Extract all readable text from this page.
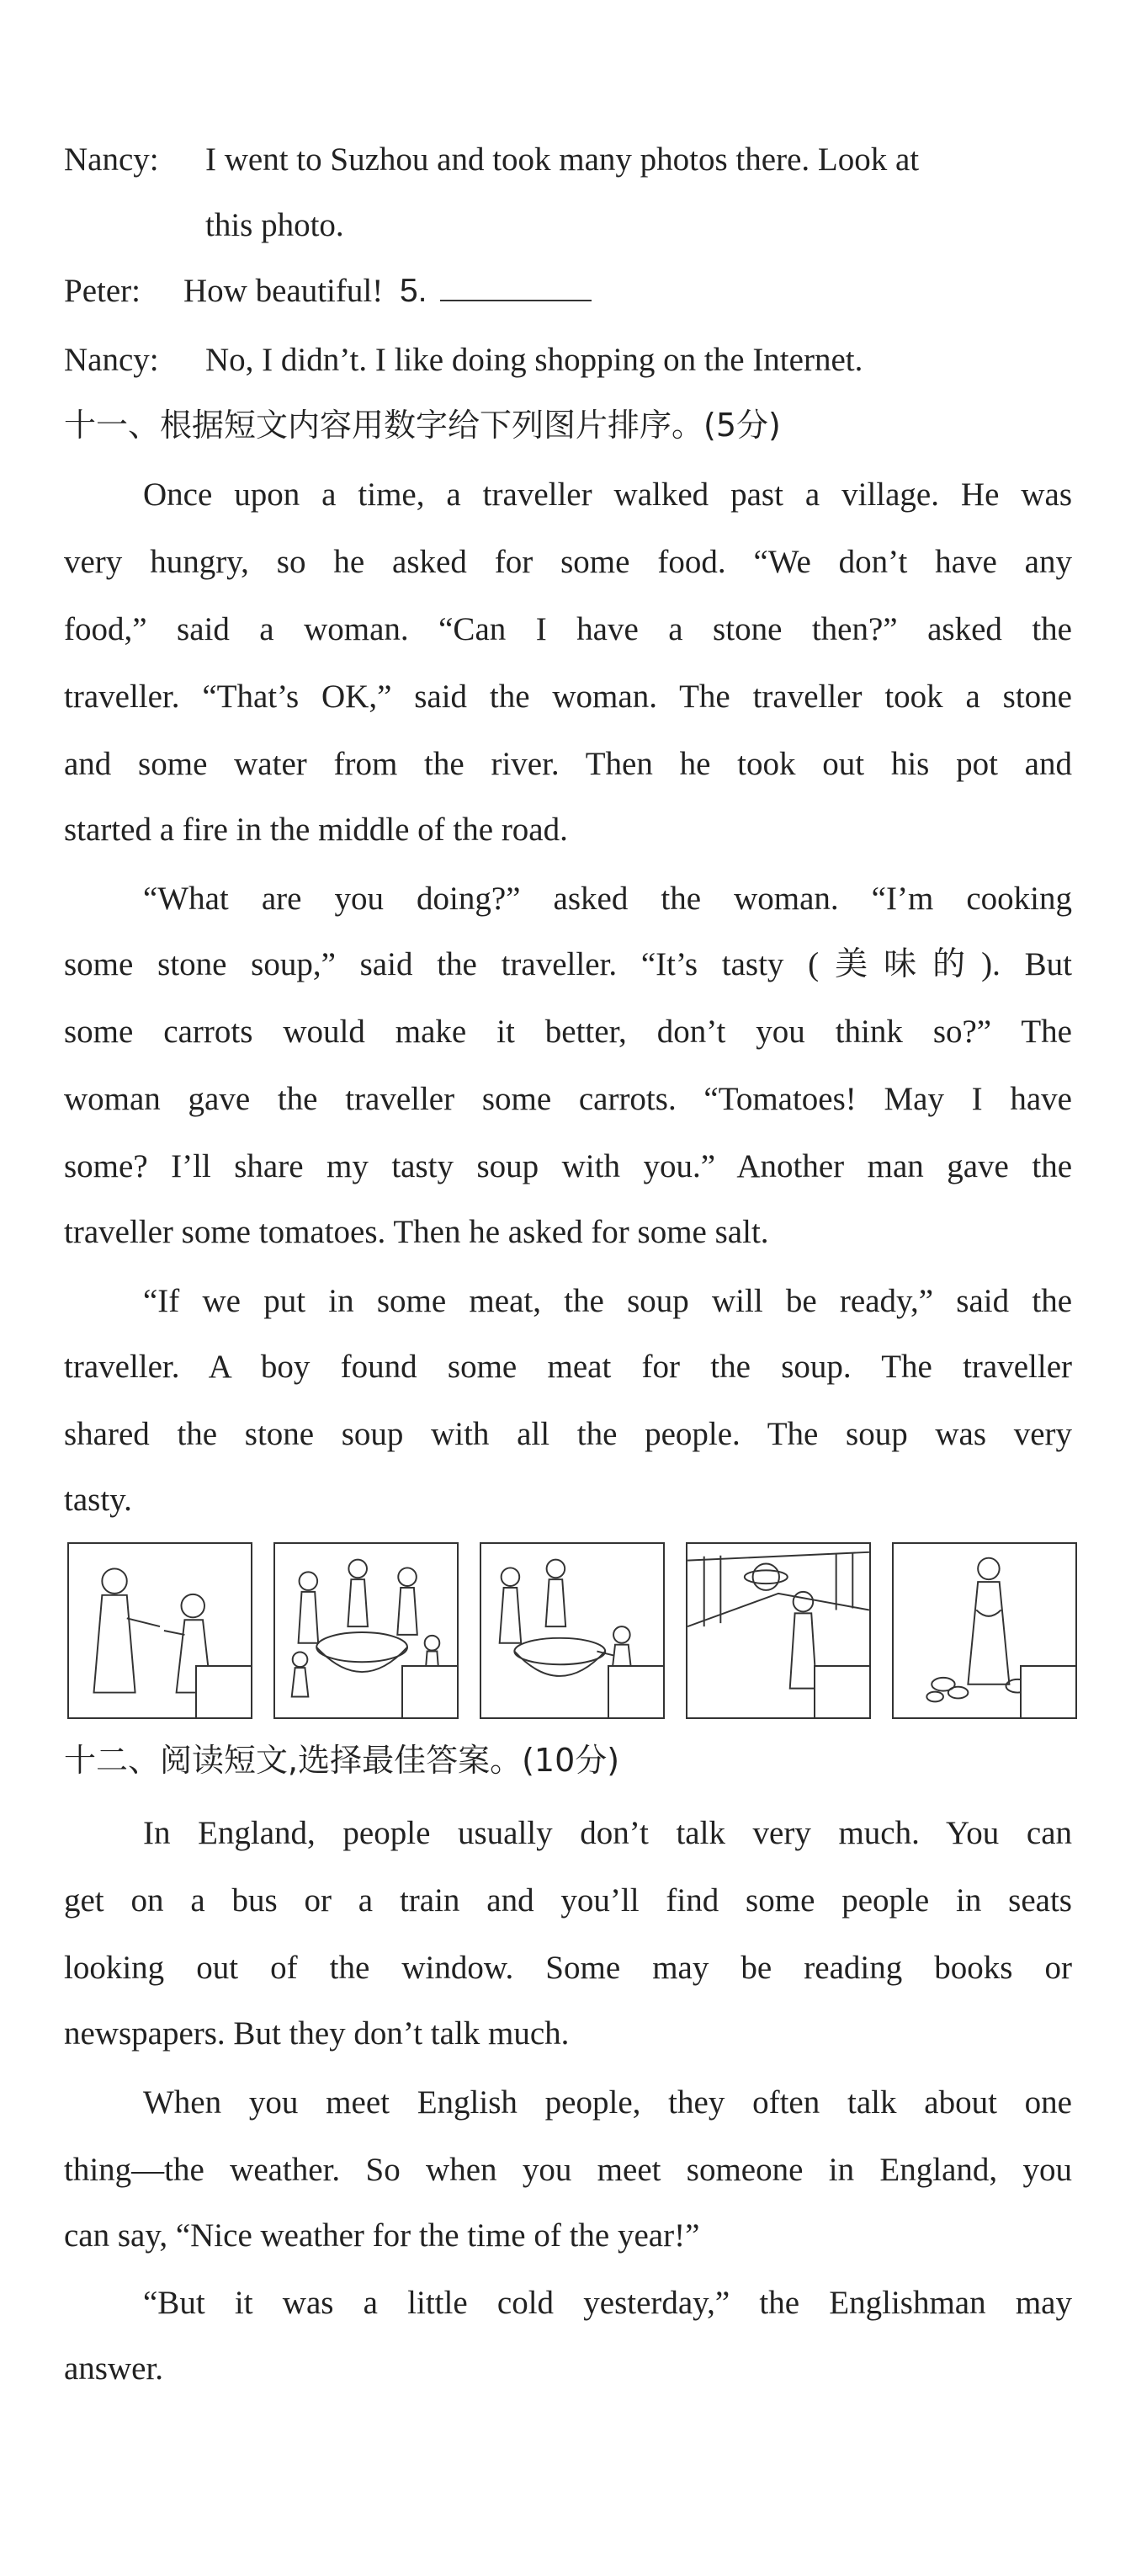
Nancy: I went to Suzhou and took many photos there. Look at
this photo.
Peter: How beautiful! 5.
Nancy: No, I didn’t. I like doing shopping on the Internet.
十一、根据短文内容用数字给下列图片排序。(5分)
Once upon a time, a traveller walked past a village. He was
very hungry, so he asked for some food. “We don’t have any
food,” said a woman. “Can I have a stone then?” asked the
traveller. “That’s OK,” said the woman. The traveller took a stone
and some water from the river. Then he took out his pot and
started a fire in the middle of the road.
“What are you doing?” asked the woman. “I’m cooking
some stone soup,” said the traveller. “It’s tasty (美味的). But
some carrots would make it better, don’t you think so?” The
woman gave the traveller some carrots. “Tomatoes! May I have
some? I’ll share my tasty soup with you.” Another man gave the
traveller some tomatoes. Then he asked for some salt.
“If we put in some meat, the soup will be ready,” said the
traveller. A boy found some meat for the soup. The traveller
shared the stone soup with all the people. The soup was very
tasty.
十二、阅读短文,选择最佳答案。(10分)
In England, people usually don’t talk very much. You can
get on a bus or a train and you’ll find some people in seats
looking out of the window. Some may be reading books or
newspapers. But they don’t talk much.
When you meet English people, they often talk about one
thing—the weather. So when you meet someone in England, you
can say, “Nice weather for the time of the year!”
“But it was a little cold yesterday,” the Englishman may
answer.
